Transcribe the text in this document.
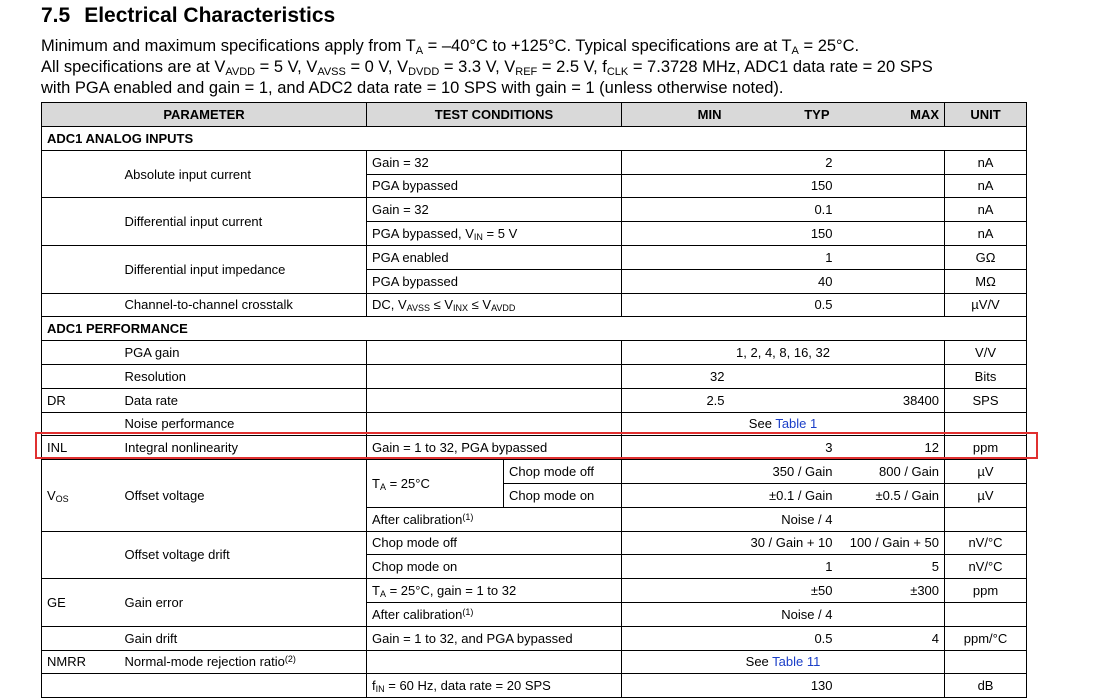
7.5 Electrical Characteristics
Minimum and maximum specifications apply from $T_A = -40^\circ C$ to +125°C. Typical specifications are at $T_A = 25^\circ C$.
All specifications are at $V_{AVDD} = 5$ V, $V_{AVSS} = 0$ V, $V_{DVDD} = 3.3$ V, $V_{REF} = 2.5$ V, $f_{CLK} = 7.3728$ MHz, ADC1 data rate = 20 SPS
with PGA enabled and gain = 1, and ADC2 data rate = 10 SPS with gain = 1 (unless otherwise noted).
PARAMETER		TEST CONDITIONS		MIN	TYP	MAX	UNIT
ADC1 ANALOG INPUTS							
	Absolute input current	Gain = 32			2		nA
		PGA bypassed			150		nA
	Differential input current	Gain = 32			0.1		nA
		PGA bypassed, $V_{IN} = 5$ V			150		nA
	Differential input impedance	PGA enabled			1		GΩ
		PGA bypassed			40		MΩ
	Channel-to-channel crosstalk	DC, $V_{AVSS} \le V_{INX} \le V_{AVDD}$			0.5		µV/V
ADC1 PERFORMANCE							
	PGA gain			1, 2, 4, 8, 16, 32			V/V
	Resolution			32			Bits
DR	Data rate			2.5		38400	SPS
	Noise performance			See Table 1			
INL	Integral nonlinearity	Gain = 1 to 32, PGA bypassed			3	12	ppm
$V_{OS}$	Offset voltage	$T_A = 25^\circ C$	Chop mode off		350 / Gain	800 / Gain	µV
			Chop mode on		±0.1 / Gain	±0.5 / Gain	µV
		After calibration$^{(1)}$			Noise / 4		
	Offset voltage drift	Chop mode off			30 / Gain + 10	100 / Gain + 50	nV/°C
		Chop mode on			1	5	nV/°C
GE	Gain error	$T_A = 25^\circ C$, gain = 1 to 32			±50	±300	ppm
		After calibration$^{(1)}$			Noise / 4		
	Gain drift	Gain = 1 to 32, and PGA bypassed			0.5	4	ppm/°C
NMRR	Normal-mode rejection ratio$^{(2)}$			See Table 11			
		$f_{IN} = 60$ Hz, data rate = 20 SPS			130		dB
